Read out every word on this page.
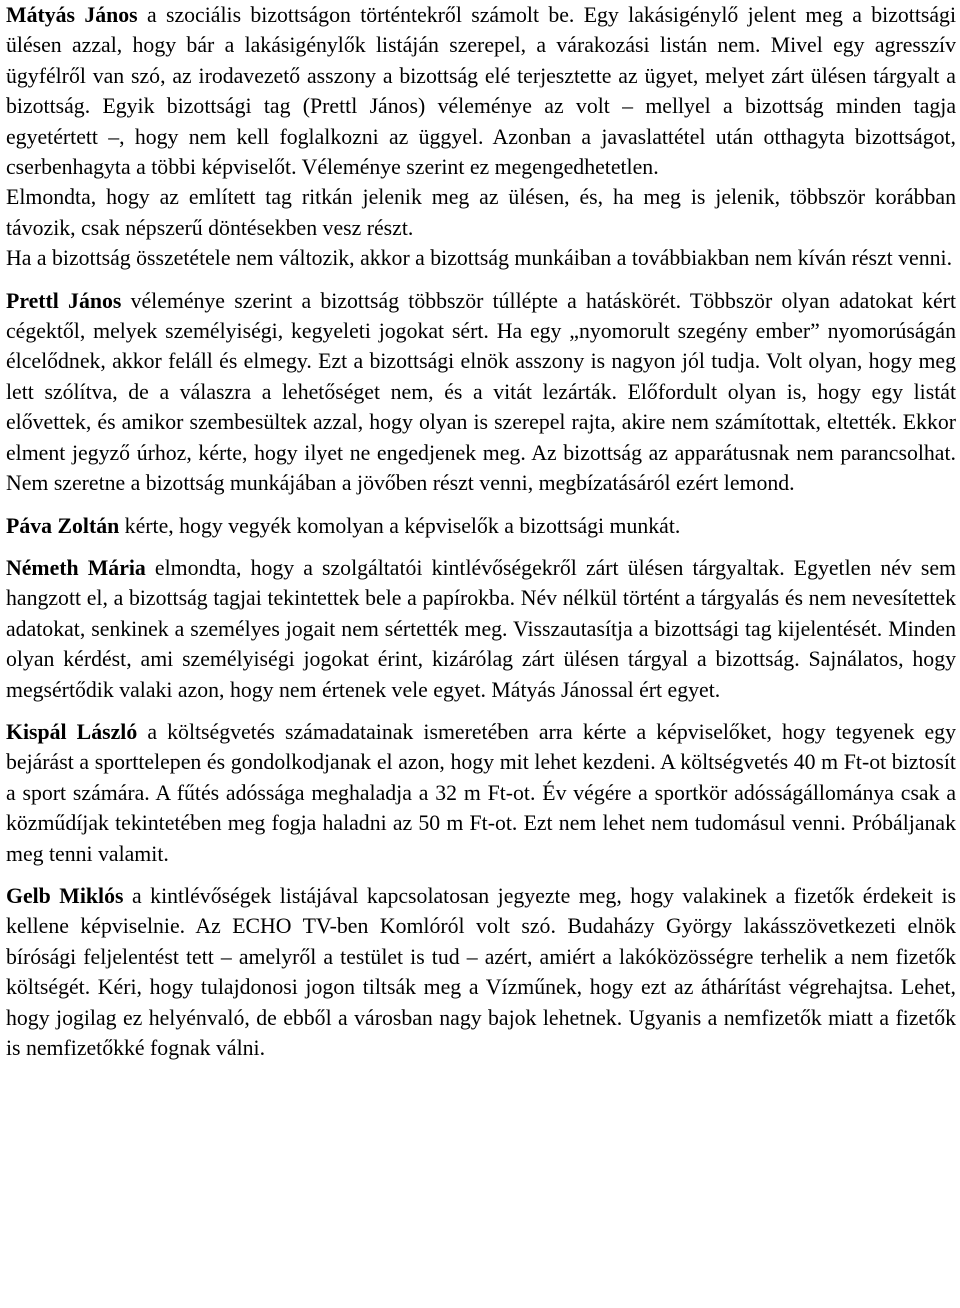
Mátyás János a szociális bizottságon történtekről számolt be. Egy lakásigénylő jelent meg a bizottsági ülésen azzal, hogy bár a lakásigénylők listáján szerepel, a várakozási listán nem. Mivel egy agresszív ügyfélről van szó, az irodavezető asszony a bizottság elé terjesztette az ügyet, melyet zárt ülésen tárgyalt a bizottság. Egyik bizottsági tag (Prettl János) véleménye az volt – mellyel a bizottság minden tagja egyetértett –, hogy nem kell foglalkozni az üggyel. Azonban a javaslattétel után otthagyta bizottságot, cserbenhagyta a többi képviselőt. Véleménye szerint ez megengedhetetlen.

Elmondta, hogy az említett tag ritkán jelenik meg az ülésen, és, ha meg is jelenik, többször korábban távozik, csak népszerű döntésekben vesz részt.

Ha a bizottság összetétele nem változik, akkor a bizottság munkáiban a továbbiakban nem kíván részt venni.

Prettl János véleménye szerint a bizottság többször túllépte a hatáskörét. Többször olyan adatokat kért cégektől, melyek személyiségi, kegyeleti jogokat sért. Ha egy „nyomorult szegény ember” nyomorúságán élcelődnek, akkor feláll és elmegy. Ezt a bizottsági elnök asszony is nagyon jól tudja. Volt olyan, hogy meg lett szólítva, de a válaszra a lehetőséget nem, és a vitát lezárták. Előfordult olyan is, hogy egy listát elővettek, és amikor szembesültek azzal, hogy olyan is szerepel rajta, akire nem számítottak, eltették. Ekkor elment jegyző úrhoz, kérte, hogy ilyet ne engedjenek meg. Az bizottság az apparátusnak nem parancsolhat. Nem szeretne a bizottság munkájában a jövőben részt venni, megbízatásáról ezért lemond.

Páva Zoltán kérte, hogy vegyék komolyan a képviselők a bizottsági munkát.

Németh Mária elmondta, hogy a szolgáltatói kintlévőségekről zárt ülésen tárgyaltak. Egyetlen név sem hangzott el, a bizottság tagjai tekintettek bele a papírokba. Név nélkül történt a tárgyalás és nem nevesítettek adatokat, senkinek a személyes jogait nem sértették meg. Visszautasítja a bizottsági tag kijelentését. Minden olyan kérdést, ami személyiségi jogokat érint, kizárólag zárt ülésen tárgyal a bizottság. Sajnálatos, hogy megsértődik valaki azon, hogy nem értenek vele egyet. Mátyás Jánossal ért egyet.

Kispál László a költségvetés számadatainak ismeretében arra kérte a képviselőket, hogy tegyenek egy bejárást a sporttelepen és gondolkodjanak el azon, hogy mit lehet kezdeni. A költségvetés 40 m Ft-ot biztosít a sport számára. A fűtés adóssága meghaladja a 32 m Ft-ot. Év végére a sportkör adósságállománya csak a közműdíjak tekintetében meg fogja haladni az 50 m Ft-ot. Ezt nem lehet nem tudomásul venni. Próbáljanak meg tenni valamit.

Gelb Miklós a kintlévőségek listájával kapcsolatosan jegyezte meg, hogy valakinek a fizetők érdekeit is kellene képviselnie. Az ECHO TV-ben Komlóról volt szó. Budaházy György lakásszövetkezeti elnök bírósági feljelentést tett – amelyről a testület is tud – azért, amiért a lakóközösségre terhelik a nem fizetők költségét. Kéri, hogy tulajdonosi jogon tiltsák meg a Vízműnek, hogy ezt az áthárítást végrehajtsa. Lehet, hogy jogilag ez helyénvaló, de ebből a városban nagy bajok lehetnek. Ugyanis a nemfizetők miatt a fizetők is nemfizetőkké fognak válni.
